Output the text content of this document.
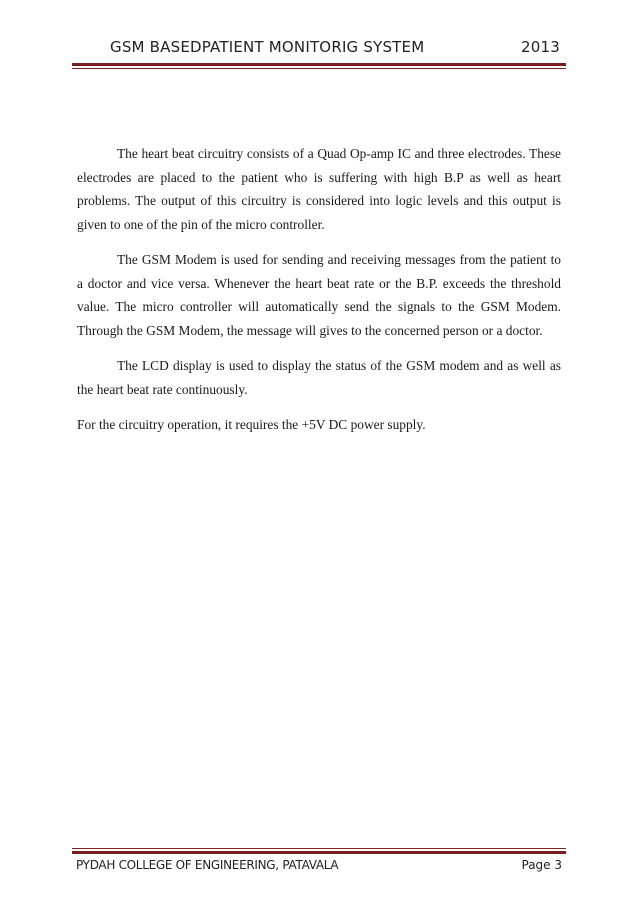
GSM BASEDPATIENT MONITORIG SYSTEM	2013

The heart beat circuitry consists of a Quad Op-amp IC and three electrodes. These electrodes are placed to the patient who is suffering with high B.P as well as heart problems. The output of this circuitry is considered into logic levels and this output is given to one of the pin of the micro controller.

The GSM Modem is used for sending and receiving messages from the patient to a doctor and vice versa. Whenever the heart beat rate or the B.P. exceeds the threshold value. The micro controller will automatically send the signals to the GSM Modem. Through the GSM Modem, the message will gives to the concerned person or a doctor.

The LCD display is used to display the status of the GSM modem and as well as the heart beat rate continuously.

For the circuitry operation, it requires the +5V DC power supply.

PYDAH COLLEGE OF ENGINEERING, PATAVALA	Page 3
